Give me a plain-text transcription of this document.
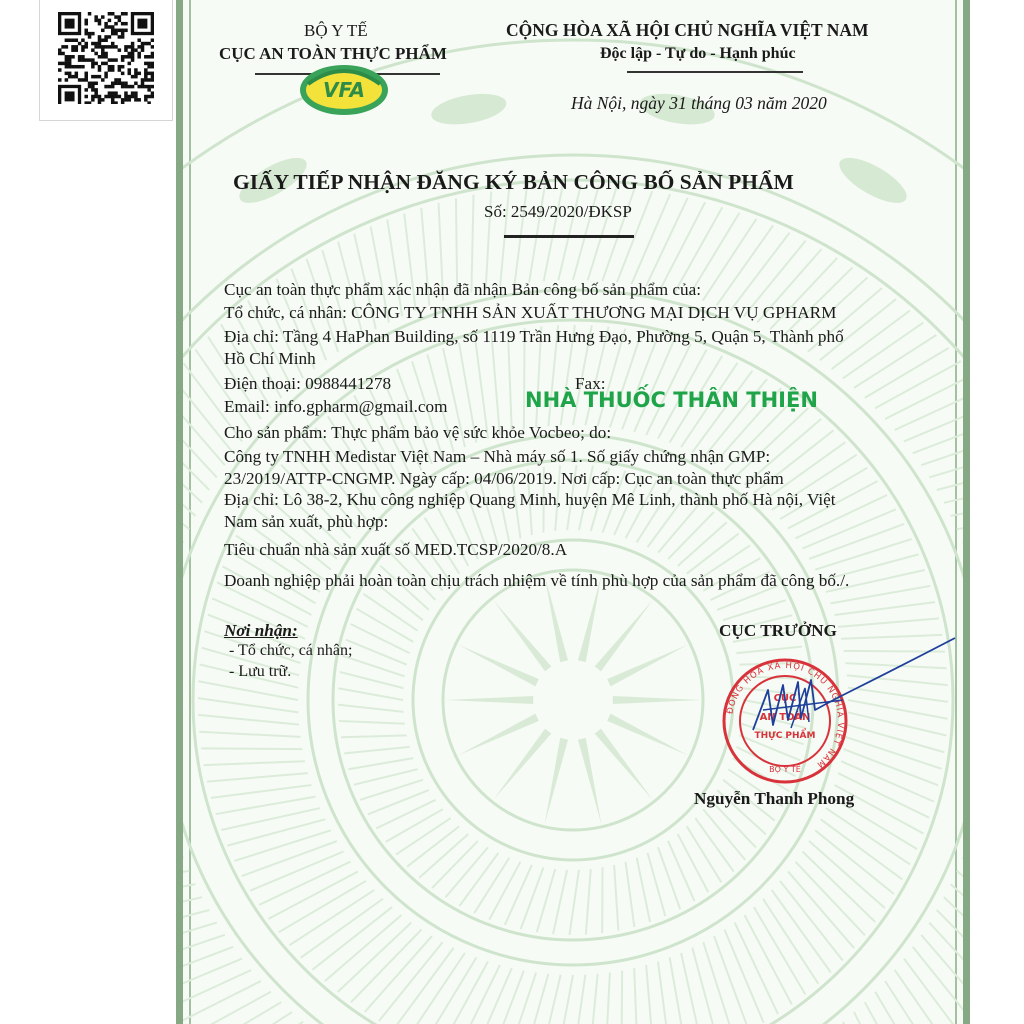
BỘ Y TẾ
CỤC AN TOÀN THỰC PHẨM
VFA
CỘNG HÒA XÃ HỘI CHỦ NGHĨA VIỆT NAM
Độc lập - Tự do - Hạnh phúc
Hà Nội, ngày 31 tháng 03 năm 2020
GIẤY TIẾP NHẬN ĐĂNG KÝ BẢN CÔNG BỐ SẢN PHẨM
Số: 2549/2020/ĐKSP
Cục an toàn thực phẩm xác nhận đã nhận Bản công bố sản phẩm của:
Tổ chức, cá nhân: CÔNG TY TNHH SẢN XUẤT THƯƠNG MẠI DỊCH VỤ GPHARM
Địa chỉ: Tầng 4 HaPhan Building, số 1119 Trần Hưng Đạo, Phường 5, Quận 5, Thành phố
Hồ Chí Minh
Điện thoại: 0988441278	Fax:
NHÀ THUỐC THÂN THIỆN
Email: info.gpharm@gmail.com
Cho sản phẩm: Thực phẩm bảo vệ sức khỏe Vocbeo; do:
Công ty TNHH Medistar Việt Nam – Nhà máy số 1. Số giấy chứng nhận GMP:
23/2019/ATTP-CNGMP. Ngày cấp: 04/06/2019. Nơi cấp: Cục an toàn thực phẩm
Địa chỉ: Lô 38-2, Khu công nghiệp Quang Minh, huyện Mê Linh, thành phố Hà nội, Việt
Nam sản xuất, phù hợp:
Tiêu chuẩn nhà sản xuất số MED.TCSP/2020/8.A
Doanh nghiệp phải hoàn toàn chịu trách nhiệm về tính phù hợp của sản phẩm đã công bố./.
Nơi nhận:
- Tổ chức, cá nhân;
- Lưu trữ.
CỤC TRƯỞNG
ĐỒNG HÒA XÃ HỘI CHỦ NGHĨA VIỆT NAM
CỤC
AN TOÀN
THỰC PHẨM
BỘ Y TẾ
Nguyễn Thanh Phong
